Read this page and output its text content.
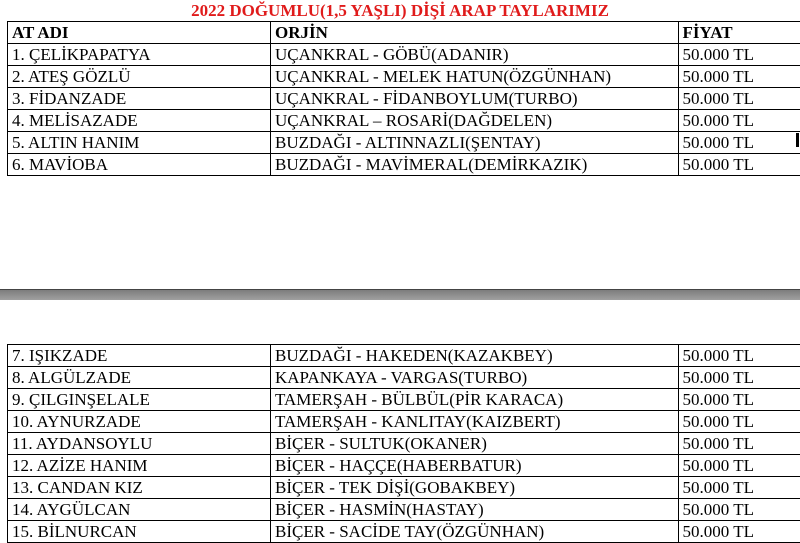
2022 DOĞUMLU(1,5 YAŞLI) DİŞİ ARAP TAYLARIMIZ
AT ADI	ORJİN	FİYAT
1. ÇELİKPAPATYA	UÇANKRAL - GÖBÜ(ADANIR)	50.000 TL
2. ATEŞ GÖZLÜ	UÇANKRAL - MELEK HATUN(ÖZGÜNHAN)	50.000 TL
3. FİDANZADE	UÇANKRAL - FİDANBOYLUM(TURBO)	50.000 TL
4. MELİSAZADE	UÇANKRAL – ROSARİ(DAĞDELEN)	50.000 TL
5. ALTIN HANIM	BUZDAĞI - ALTINNAZLI(ŞENTAY)	50.000 TL
6. MAVİOBA	BUZDAĞI - MAVİMERAL(DEMİRKAZIK)	50.000 TL
7. IŞIKZADE	BUZDAĞI - HAKEDEN(KAZAKBEY)	50.000 TL
8. ALGÜLZADE	KAPANKAYA - VARGAS(TURBO)	50.000 TL
9. ÇILGINŞELALE	TAMERŞAH - BÜLBÜL(PİR KARACA)	50.000 TL
10. AYNURZADE	TAMERŞAH - KANLITAY(KAIZBERT)	50.000 TL
11. AYDANSOYLU	BİÇER - SULTUK(OKANER)	50.000 TL
12. AZİZE HANIM	BİÇER - HAÇÇE(HABERBATUR)	50.000 TL
13. CANDAN KIZ	BİÇER - TEK DİŞİ(GOBAKBEY)	50.000 TL
14. AYGÜLCAN	BİÇER - HASMİN(HASTAY)	50.000 TL
15. BİLNURCAN	BİÇER - SACİDE TAY(ÖZGÜNHAN)	50.000 TL
